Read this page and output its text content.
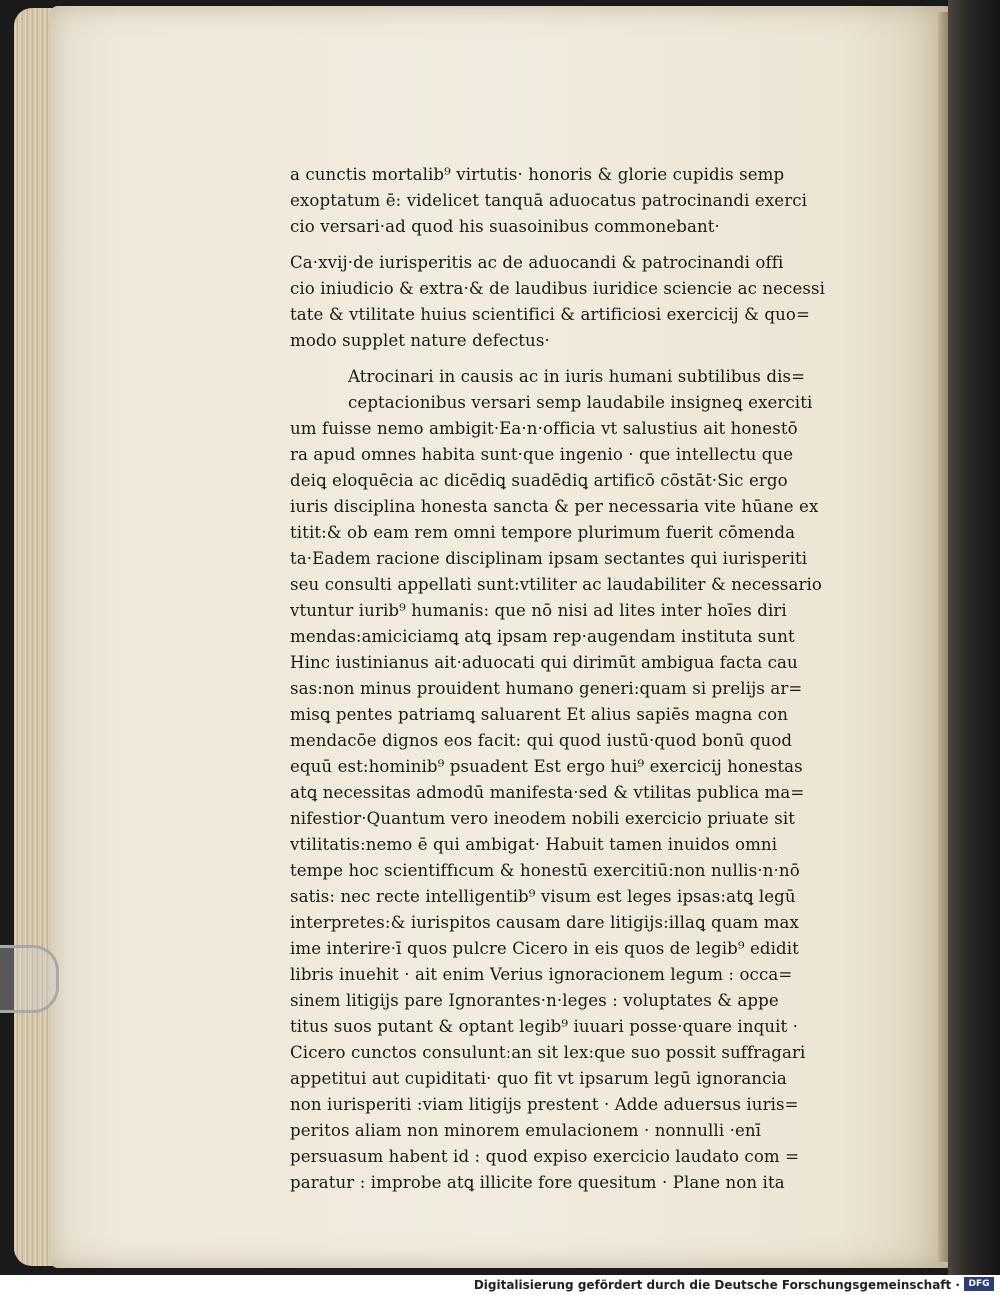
a cunctis mortalib⁹ virtutis· honoris & glorie cupidis semp
exoptatum ē: videlicet tanquā aduocatus patrocinandi exerci
cio versari·ad quod his suasoinibus commonebant·
Ca·xvij·de iurisperitis ac de aduocandi & patrocinandi offi
cio iniudicio & extra·& de laudibus iuridice sciencie ac necessi
tate & vtilitate huius scientifici & artificiosi exercicij & quo=
modo supplet nature defectus·
Atrocinari in causis ac in iuris humani subtilibus dis=
ceptacionibus versari semp laudabile insigneꝗ exerciti
um fuisse nemo ambigit·Ea·n·officia vt salustius ait honestō
ra apud omnes habita sunt·que ingenio · que intellectu que
deiꝗ eloquēcia ac dicēdiꝗ suadēdiꝗ artificō cōstāt·Sic ergo
iuris disciplina honesta sancta & per necessaria vite hūane ex
titit:& ob eam rem omni tempore plurimum fuerit cōmenda
ta·Eadem racione disciplinam ipsam sectantes qui iurisperiti
seu consulti appellati sunt:vtiliter ac laudabiliter & necessario
vtuntur iurib⁹ humanis: que nō nisi ad lites inter hoīes diri
mendas:amiciciamꝗ atꝗ ipsam rep·augendam instituta sunt
Hinc iustinianus ait·aduocati qui dirimūt ambigua facta cau
sas:non minus prouident humano generi:quam si prelijs ar=
misꝗ pentes patriamꝗ saluarent Et alius sapiēs magna con
mendacōe dignos eos facit: qui quod iustū·quod bonū quod
equū est:hominib⁹ psuadent Est ergo hui⁹ exercicij honestas
atꝗ necessitas admodū manifesta·sed & vtilitas publica ma=
nifestior·Quantum vero ineodem nobili exercicio priuate sit
vtilitatis:nemo ē qui ambigat· Habuit tamen inuidos omni
tempe hoc scientiffıcum & honestū exercitiū:non nullis·n·nō
satis: nec recte intelligentib⁹ visum est leges ipsas:atꝗ legū
interpretes:& iurispitos causam dare litigijs:illaꝗ quam max
ime interire·ī quos pulcre Cicero in eis quos de legib⁹ edidit
libris inuehit · ait enim Verius ignoracionem legum : occa=
sinem litigijs pare Ignorantes·n·leges : voluptates & appe
titus suos putant & optant legib⁹ iuuari posse·quare inquit ·
Cicero cunctos consuluntːan sit lex:que suo possit suffragari
appetitui aut cupiditati· quo fit vt ipsarum legū ignorancia
non iurisperiti :viam litigijs prestent · Adde aduersus iuris=
peritos aliam non minorem emulacionem · nonnulli ·enī
persuasum habent id : quod expiso exercicio laudato com =
paratur : improbe atꝗ illicite fore quesitum · Plane non ita
Digitalisierung gefördert durch die Deutsche Forschungsgemeinschaft · DFG
